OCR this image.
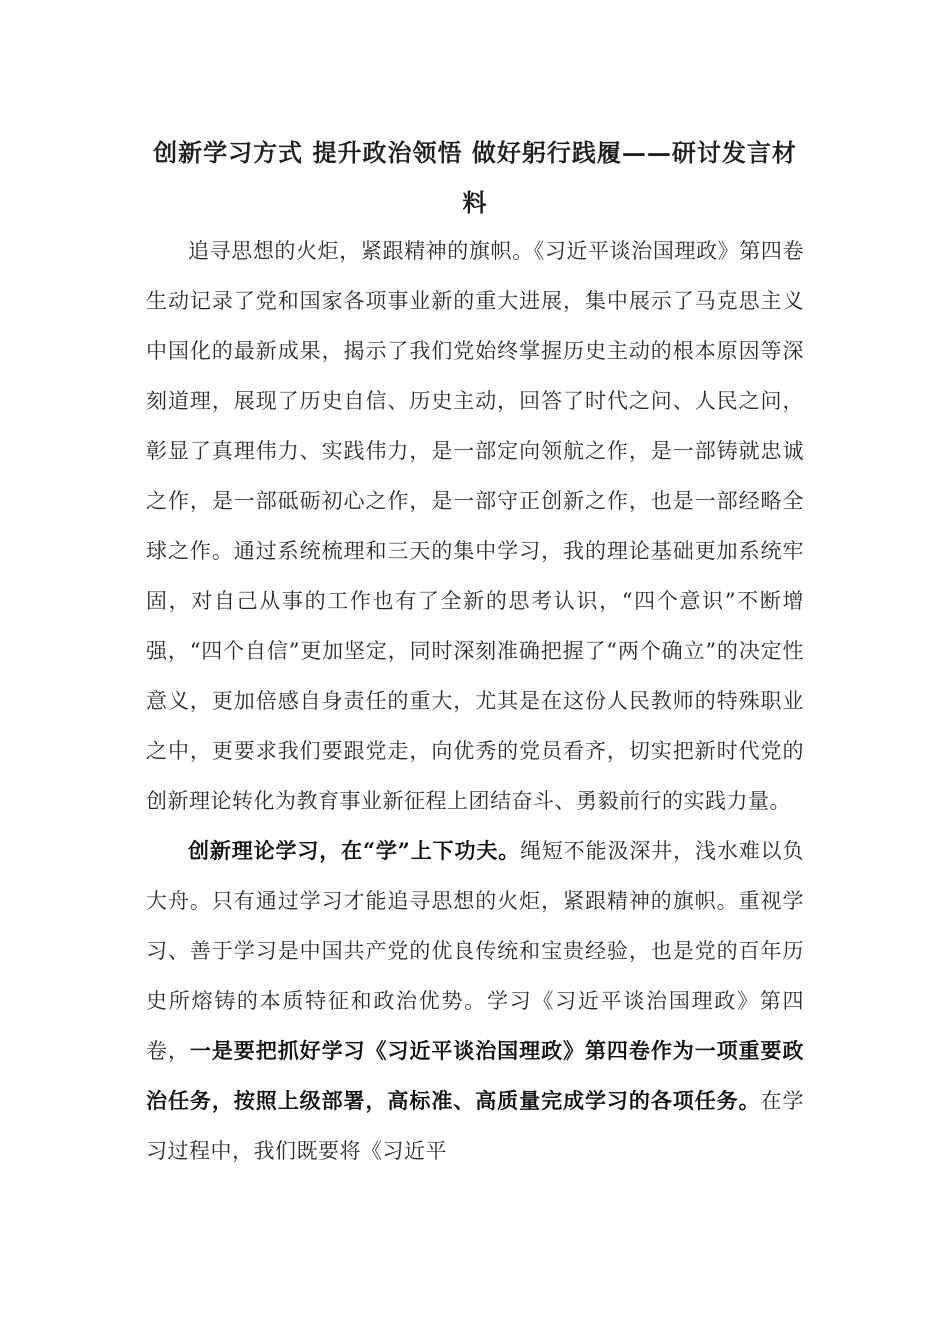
创新学习方式 提升政治领悟 做好躬行践履——研讨发言材料

追寻思想的火炬，紧跟精神的旗帜。《习近平谈治国理政》第四卷生动记录了党和国家各项事业新的重大进展，集中展示了马克思主义中国化的最新成果，揭示了我们党始终掌握历史主动的根本原因等深刻道理，展现了历史自信、历史主动，回答了时代之问、人民之问，彰显了真理伟力、实践伟力，是一部定向领航之作，是一部铸就忠诚之作，是一部砥砺初心之作，是一部守正创新之作，也是一部经略全球之作。通过系统梳理和三天的集中学习，我的理论基础更加系统牢固，对自己从事的工作也有了全新的思考认识，“四个意识”不断增强，“四个自信”更加坚定，同时深刻准确把握了“两个确立”的决定性意义，更加倍感自身责任的重大，尤其是在这份人民教师的特殊职业之中，更要求我们要跟党走，向优秀的党员看齐，切实把新时代党的创新理论转化为教育事业新征程上团结奋斗、勇毅前行的实践力量。

创新理论学习，在“学”上下功夫。绳短不能汲深井，浅水难以负大舟。只有通过学习才能追寻思想的火炬，紧跟精神的旗帜。重视学习、善于学习是中国共产党的优良传统和宝贵经验，也是党的百年历史所熔铸的本质特征和政治优势。学习《习近平谈治国理政》第四卷，一是要把抓好学习《习近平谈治国理政》第四卷作为一项重要政治任务，按照上级部署，高标准、高质量完成学习的各项任务。在学习过程中，我们既要将《习近平
